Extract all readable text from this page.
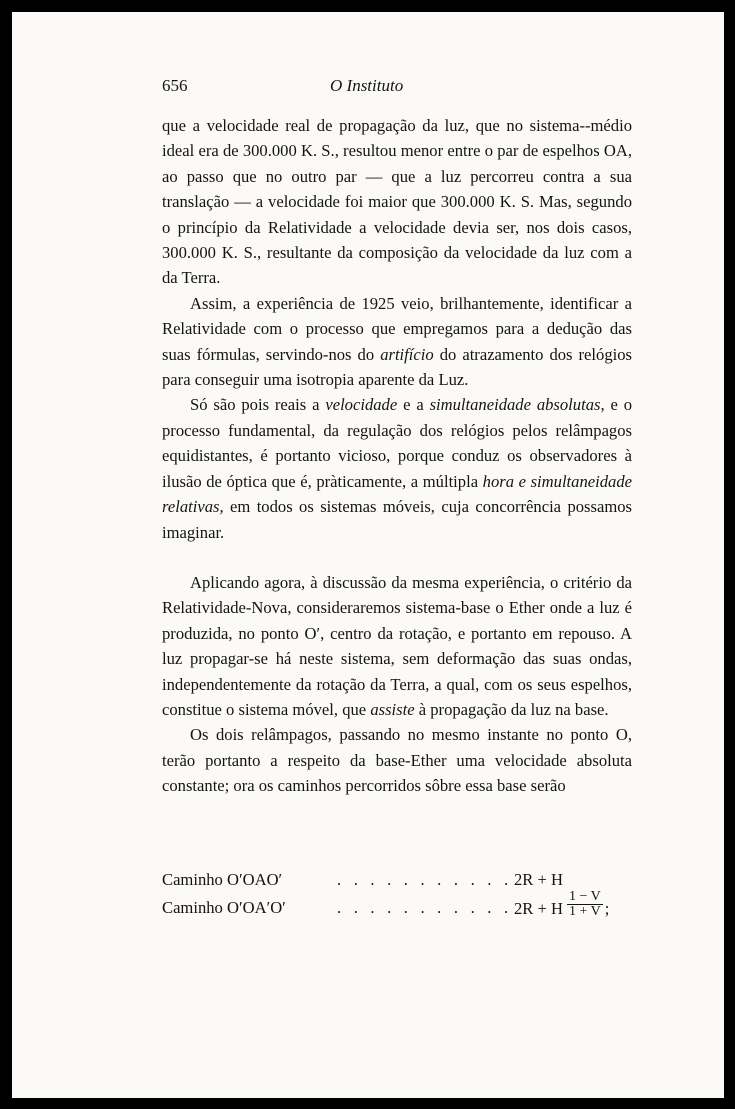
656	O Instituto

que a velocidade real de propagação da luz, que no sistema--médio ideal era de 300.000 K. S., resultou menor entre o par de espelhos OA, ao passo que no outro par — que a luz percorreu contra a sua translação — a velocidade foi maior que 300.000 K. S. Mas, segundo o princípio da Relatividade a velocidade devia ser, nos dois casos, 300.000 K. S., resultante da composição da velocidade da luz com a da Terra.

Assim, a experiência de 1925 veio, brilhantemente, identificar a Relatividade com o processo que empregamos para a dedução das suas fórmulas, servindo-nos do artifício do atrazamento dos relógios para conseguir uma isotropia aparente da Luz.

Só são pois reais a velocidade e a simultaneidade absolutas, e o processo fundamental, da regulação dos relógios pelos relâmpagos equidistantes, é portanto vicioso, porque conduz os observadores à ilusão de óptica que é, pràticamente, a múltipla hora e simultaneidade relativas, em todos os sistemas móveis, cuja concorrência possamos imaginar.

Aplicando agora, à discussão da mesma experiência, o critério da Relatividade-Nova, consideraremos sistema-base o Ether onde a luz é produzida, no ponto O′, centro da rotação, e portanto em repouso. A luz propagar-se há neste sistema, sem deformação das suas ondas, independentemente da rotação da Terra, a qual, com os seus espelhos, constitue o sistema móvel, que assiste à propagação da luz na base.

Os dois relâmpagos, passando no mesmo instante no ponto O, terão portanto a respeito da base-Ether uma velocidade absoluta constante; ora os caminhos percorridos sôbre essa base serão

Caminho O′OAO′	. . . . . . . . . . . 2R + H
Caminho O′OA′O′	. . . . . . . . . . . 2R + H $\frac{1 - V}{1 + V}$ ;
